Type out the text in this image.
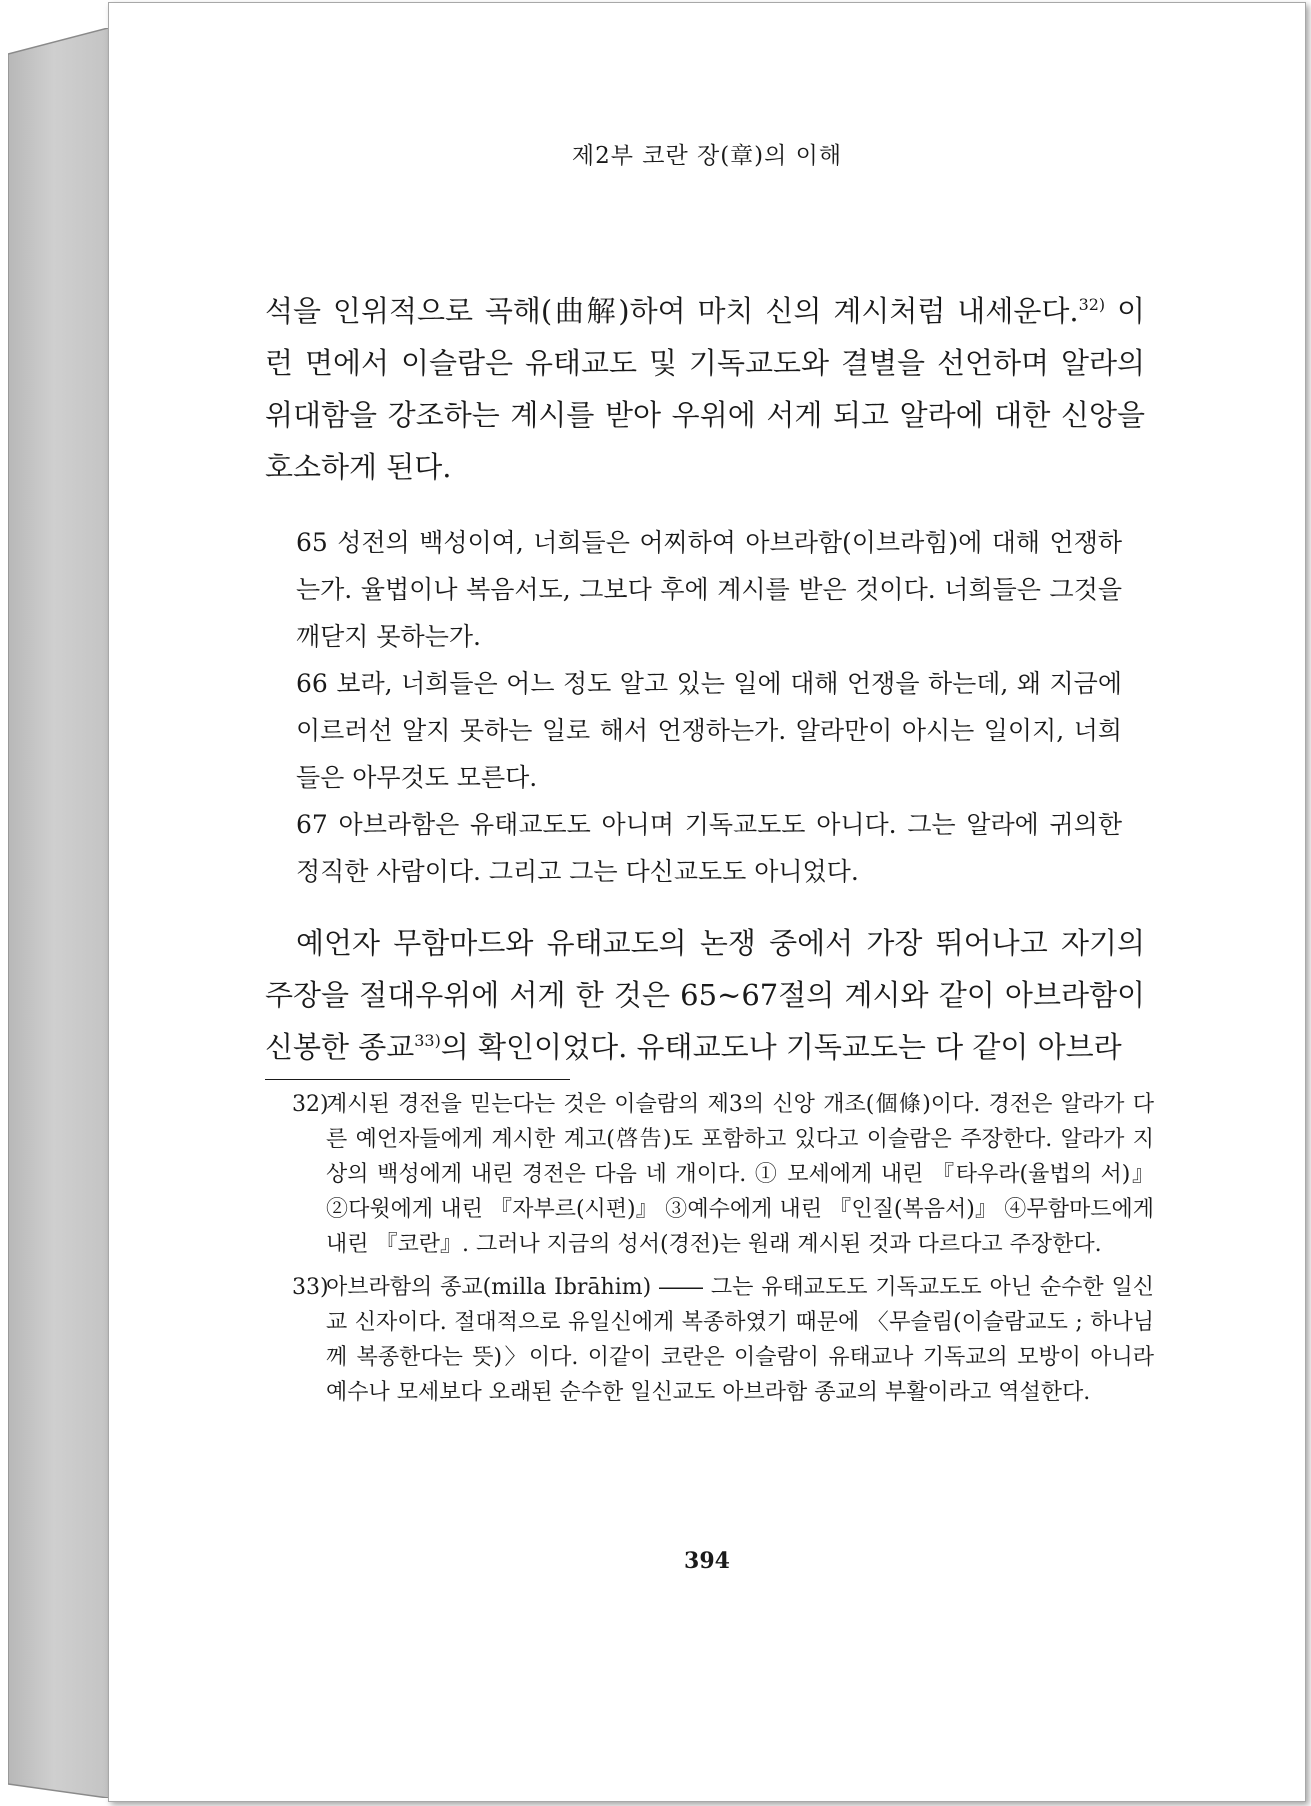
제2부 코란 장(章)의 이해
석을 인위적으로 곡해(曲解)하여 마치 신의 계시처럼 내세운다.$^{32)}$ 이런 면에서 이슬람은 유태교도 및 기독교도와 결별을 선언하며 알라의 위대함을 강조하는 계시를 받아 우위에 서게 되고 알라에 대한 신앙을 호소하게 된다.
65 성전의 백성이여, 너희들은 어찌하여 아브라함(이브라힘)에 대해 언쟁하는가. 율법이나 복음서도, 그보다 후에 계시를 받은 것이다. 너희들은 그것을 깨닫지 못하는가.
66 보라, 너희들은 어느 정도 알고 있는 일에 대해 언쟁을 하는데, 왜 지금에 이르러선 알지 못하는 일로 해서 언쟁하는가. 알라만이 아시는 일이지, 너희들은 아무것도 모른다.
67 아브라함은 유태교도도 아니며 기독교도도 아니다. 그는 알라에 귀의한 정직한 사람이다. 그리고 그는 다신교도도 아니었다.
예언자 무함마드와 유태교도의 논쟁 중에서 가장 뛰어나고 자기의 주장을 절대우위에 서게 한 것은 65~67절의 계시와 같이 아브라함이 신봉한 종교$^{33)}$의 확인이었다. 유태교도나 기독교도는 다 같이 아브라
32)
계시된 경전을 믿는다는 것은 이슬람의 제3의 신앙 개조(個條)이다. 경전은 알라가 다른 예언자들에게 계시한 계고(啓告)도 포함하고 있다고 이슬람은 주장한다. 알라가 지상의 백성에게 내린 경전은 다음 네 개이다. ① 모세에게 내린 『타우라(율법의 서)』 ②다윗에게 내린 『자부르(시편)』 ③예수에게 내린 『인질(복음서)』 ④무함마드에게 내린 『코란』. 그러나 지금의 성서(경전)는 원래 계시된 것과 다르다고 주장한다.
33)
아브라함의 종교(milla Ibrāhim) ―― 그는 유태교도도 기독교도도 아닌 순수한 일신교 신자이다. 절대적으로 유일신에게 복종하였기 때문에 〈무슬림(이슬람교도 ; 하나님께 복종한다는 뜻)〉이다. 이같이 코란은 이슬람이 유태교나 기독교의 모방이 아니라 예수나 모세보다 오래된 순수한 일신교도 아브라함 종교의 부활이라고 역설한다.
394
